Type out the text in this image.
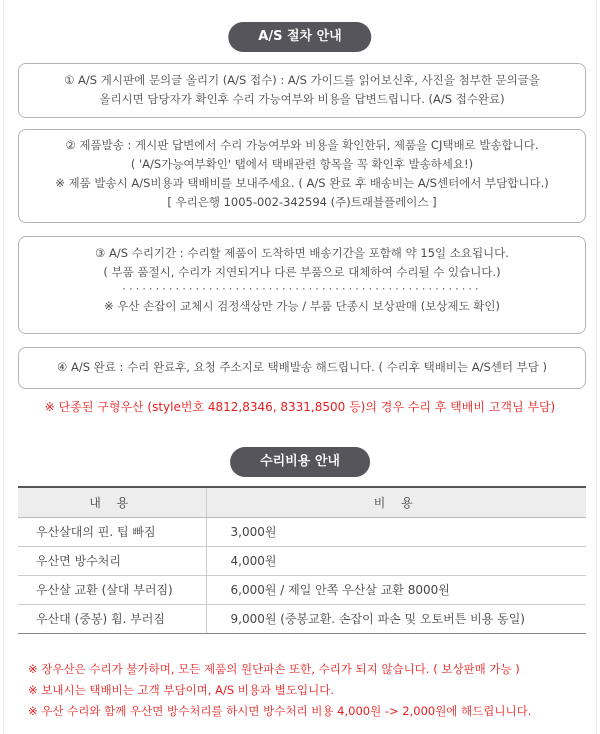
A/S 절차 안내

① A/S 게시판에 문의글 올리기 (A/S 접수) : A/S 가이드를 읽어보신후, 사진을 첨부한 문의글을

올리시면 담당자가 확인후 수리 가능여부와 비용을 답변드립니다. (A/S 접수완료)

② 제품발송 : 게시판 답변에서 수리 가능여부와 비용을 확인한뒤, 제품을 CJ택배로 발송합니다.

( 'A/S가능여부확인' 탭에서 택배관련 항목을 꼭 확인후 발송하세요!)

※ 제품 발송시 A/S비용과 택배비를 보내주세요. ( A/S 완료 후 배송비는 A/S센터에서 부담합니다.)

[ 우리은행 1005-002-342594 (주)트래블플레이스 ]

③ A/S 수리기간 : 수리할 제품이 도착하면 배송기간을 포함해 약 15일 소요됩니다.

( 부품 품절시, 수리가 지연되거나 다른 부품으로 대체하여 수리될 수 있습니다.)

······················································

※ 우산 손잡이 교체시 검정색상만 가능 / 부품 단종시 보상판매 (보상제도 확인)

④ A/S 완료 : 수리 완료후, 요청 주소지로 택배발송 해드립니다. ( 수리후 택배비는 A/S센터 부담 )

※ 단종된 구형우산 (style번호 4812,8346, 8331,8500 등)의 경우 수리 후 택배비 고객님 부담)
수리비용 안내
내 용	비 용
우산살대의 핀. 팁 빠짐	3,000원
우산면 방수처리	4,000원
우산살 교환 (살대 부러짐)	6,000원 / 제일 안쪽 우산살 교환 8000원
우산대 (중봉) 휨. 부러짐	9,000원 (중봉교환. 손잡이 파손 및 오토버튼 비용 동일)

※ 장우산은 수리가 불가하며, 모든 제품의 원단파손 또한, 수리가 되지 않습니다. ( 보상판매 가능 )

※ 보내시는 택배비는 고객 부담이며, A/S 비용과 별도입니다.

※ 우산 수리와 함께 우산면 방수처리를 하시면 방수처리 비용 4,000원 -> 2,000원에 해드립니니다.
